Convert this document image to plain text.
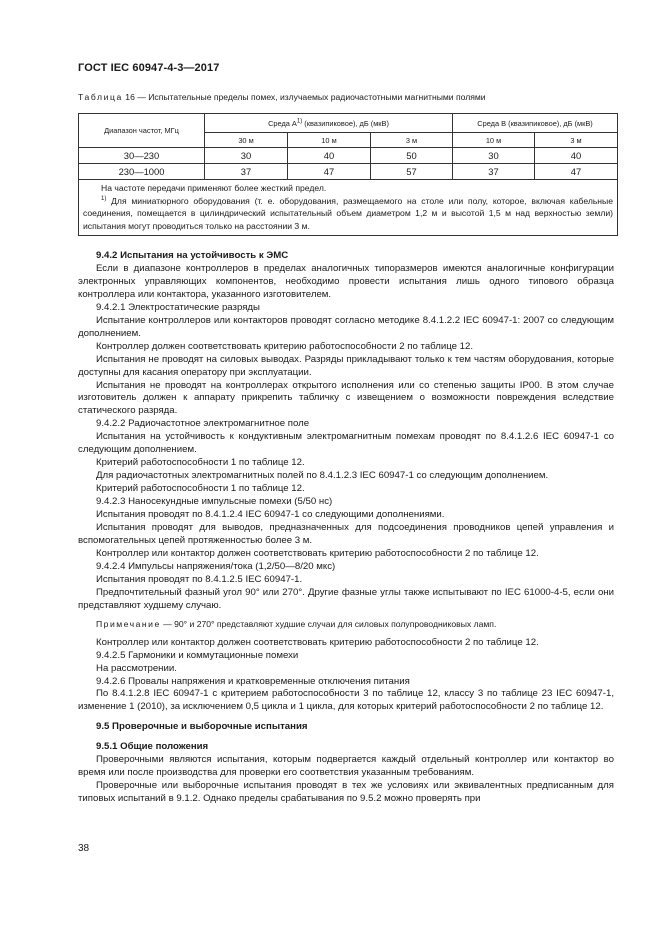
ГОСТ IEC 60947-4-3—2017
Таблица 16 — Испытательные пределы помех, излучаемых радиочастотными магнитными полями
Диапазон частот, МГц	Среда $А^{1)}$ (квазипиковое), дБ (мкВ)			Среда В (квазипиковое), дБ (мкВ)	
	30 м	10 м	3 м	10 м	3 м
30—230	30	40	50	30	40
230—1000	37	47	57	37	47

На частоте передачи применяют более жесткий предел.
$^{1)}$ Для миниатюрного оборудования (т. е. оборудования, размещаемого на столе или полу, которое, включая кабельные соединения, помещается в цилиндрический испытательный объем диаметром 1,2 м и высотой 1,5 м над верхностью земли) испытания могут проводиться только на расстоянии 3 м.					

9.4.2 Испытания на устойчивость к ЭМС

Если в диапазоне контроллеров в пределах аналогичных типоразмеров имеются аналогичные конфигурации электронных управляющих компонентов, необходимо провести испытания лишь одного типового образца контроллера или контактора, указанного изготовителем.

9.4.2.1 Электростатические разряды

Испытание контроллеров или контакторов проводят согласно методике 8.4.1.2.2 IEC 60947-1: 2007 со следующим дополнением.

Контроллер должен соответствовать критерию работоспособности 2 по таблице 12.

Испытания не проводят на силовых выводах. Разряды прикладывают только к тем частям оборудования, которые доступны для касания оператору при эксплуатации.

Испытания не проводят на контроллерах открытого исполнения или со степенью защиты IP00. В этом случае изготовитель должен к аппарату прикрепить табличку с извещением о возможности повреждения вследствие статического разряда.

9.4.2.2 Радиочастотное электромагнитное поле

Испытания на устойчивость к кондуктивным электромагнитным помехам проводят по 8.4.1.2.6 IEC 60947-1 со следующим дополнением.

Критерий работоспособности 1 по таблице 12.

Для радиочастотных электромагнитных полей по 8.4.1.2.3 IEC 60947-1 со следующим дополнением.

Критерий работоспособности 1 по таблице 12.

9.4.2.3 Наносекундные импульсные помехи (5/50 нс)

Испытания проводят по 8.4.1.2.4 IEC 60947-1 со следующими дополнениями.

Испытания проводят для выводов, предназначенных для подсоединения проводников цепей управления и вспомогательных цепей протяженностью более 3 м.

Контроллер или контактор должен соответствовать критерию работоспособности 2 по таблице 12.

9.4.2.4 Импульсы напряжения/тока (1,2/50—8/20 мкс)

Испытания проводят по 8.4.1.2.5 IEC 60947-1.

Предпочтительный фазный угол 90° или 270°. Другие фазные углы также испытывают по IEC 61000-4-5, если они представляют худшему случаю.

Примечание — 90° и 270° представляют худшие случаи для силовых полупроводниковых ламп.

Контроллер или контактор должен соответствовать критерию работоспособности 2 по таблице 12.

9.4.2.5 Гармоники и коммутационные помехи

На рассмотрении.

9.4.2.6 Провалы напряжения и кратковременные отключения питания

По 8.4.1.2.8 IEC 60947-1 с критерием работоспособности 3 по таблице 12, классу 3 по таблице 23 IEC 60947-1, изменение 1 (2010), за исключением 0,5 цикла и 1 цикла, для которых критерий работоспособности 2 по таблице 12.

9.5 Проверочные и выборочные испытания

9.5.1 Общие положения

Проверочными являются испытания, которым подвергается каждый отдельный контроллер или контактор во время или после производства для проверки его соответствия указанным требованиям.

Проверочные или выборочные испытания проводят в тех же условиях или эквивалентных предписанным для типовых испытаний в 9.1.2. Однако пределы срабатывания по 9.5.2 можно проверять при

38
